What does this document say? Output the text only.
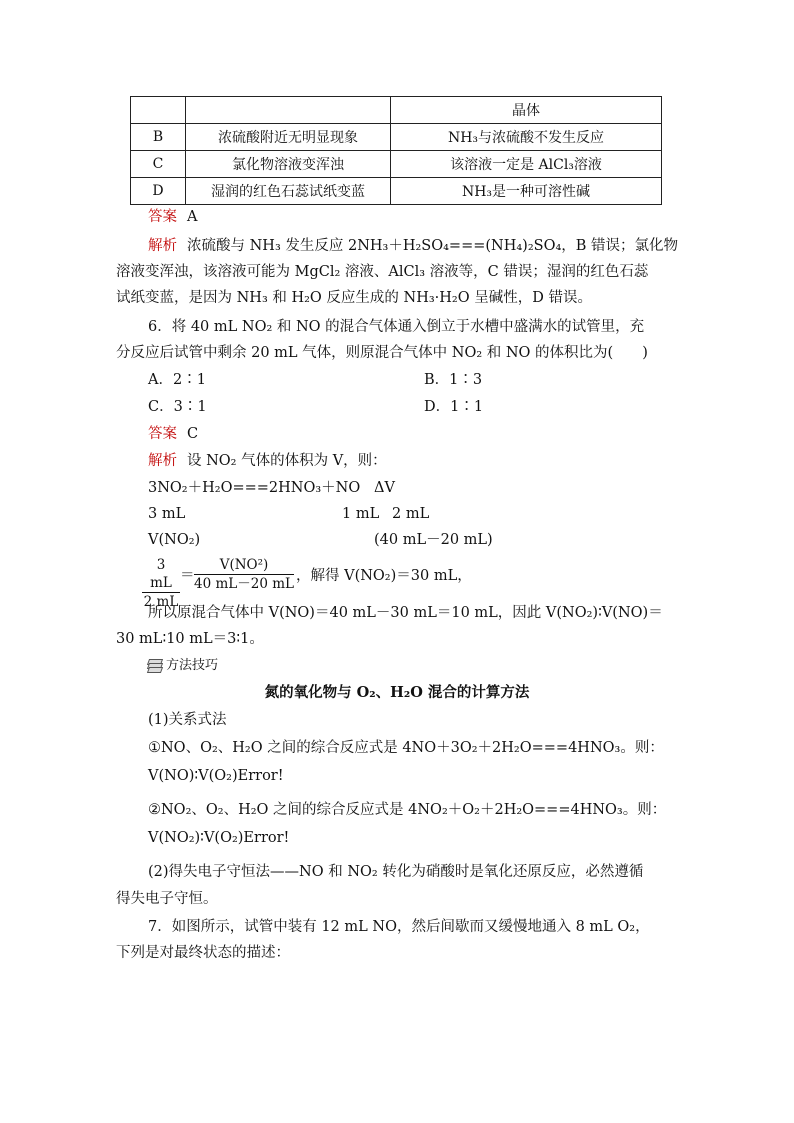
		晶体
B	浓硫酸附近无明显现象	NH₃与浓硫酸不发生反应
C	氯化物溶液变浑浊	该溶液一定是 AlCl₃溶液
D	湿润的红色石蕊试纸变蓝	NH₃是一种可溶性碱
答案 A
解析 浓硫酸与 NH₃ 发生反应 2NH₃＋H₂SO₄===(NH₄)₂SO₄，B 错误；氯化物
溶液变浑浊，该溶液可能为 MgCl₂ 溶液、AlCl₃ 溶液等，C 错误；湿润的红色石蕊
试纸变蓝，是因为 NH₃ 和 H₂O 反应生成的 NH₃·H₂O 呈碱性，D 错误。
6．将 40 mL NO₂ 和 NO 的混合气体通入倒立于水槽中盛满水的试管里，充
分反应后试管中剩余 20 mL 气体，则原混合气体中 NO₂ 和 NO 的体积比为(　　)
A．2∶1	B．1∶3
C．3∶1	D．1∶1
答案 C
解析 设 NO₂ 气体的体积为 V，则：
3NO₂＋H₂O===2HNO₃＋NO ΔV
3 mL	1 mL 2 mL
V(NO₂)	(40 mL－20 mL)
$\frac{3 mL}{2 mL} = \frac{\text{V(NO²)}}{40 mL-20 mL}$ ，解得 V(NO₂)＝30 mL，
所以原混合气体中 V(NO)＝40 mL－30 mL＝10 mL，因此 V(NO₂)∶V(NO)＝
30 mL∶10 mL＝3∶1。
方法技巧
氮的氧化物与 O₂、H₂O 混合的计算方法
(1)关系式法
①NO、O₂、H₂O 之间的综合反应式是 4NO＋3O₂＋2H₂O===4HNO₃。则：
V(NO)∶V(O₂)Error!
②NO₂、O₂、H₂O 之间的综合反应式是 4NO₂＋O₂＋2H₂O===4HNO₃。则：
V(NO₂)∶V(O₂)Error!
(2)得失电子守恒法——NO 和 NO₂ 转化为硝酸时是氧化还原反应，必然遵循
得失电子守恒。
7．如图所示，试管中装有 12 mL NO，然后间歇而又缓慢地通入 8 mL O₂，
下列是对最终状态的描述：
